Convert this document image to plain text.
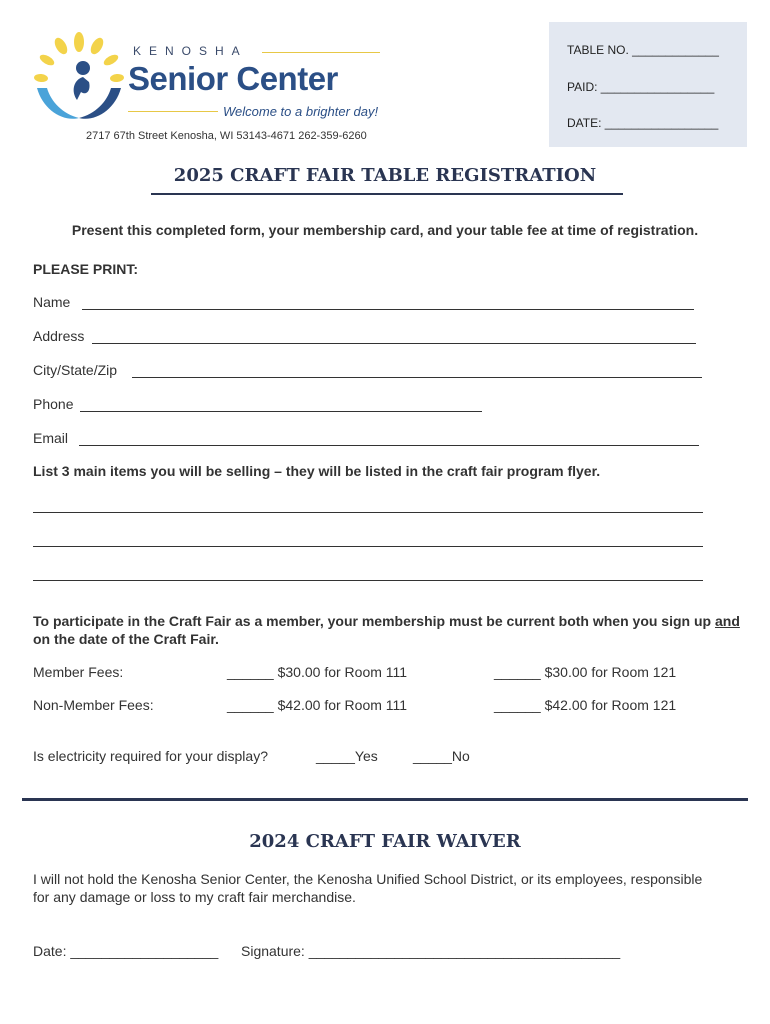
KENOSHA
Senior Center
Welcome to a brighter day!
2717 67th Street Kenosha, WI 53143-4671 262-359-6260
TABLE NO. _____________
PAID: _________________
DATE: _________________
2025 CRAFT FAIR TABLE REGISTRATION
Present this completed form, your membership card, and your table fee at time of registration.
PLEASE PRINT:
Name
Address
City/State/Zip
Phone
Email
List 3 main items you will be selling – they will be listed in the craft fair program flyer.
To participate in the Craft Fair as a member, your membership must be current both when you sign up and on the date of the Craft Fair.
Member Fees:	______ $30.00 for Room 111	______ $30.00 for Room 121
Non-Member Fees:	______ $42.00 for Room 111	______ $42.00 for Room 121
Is electricity required for your display?	_____Yes	_____No
2024 CRAFT FAIR WAIVER
I will not hold the Kenosha Senior Center, the Kenosha Unified School District, or its employees, responsible for any damage or loss to my craft fair merchandise.
Date: ___________________ Signature: ________________________________________
